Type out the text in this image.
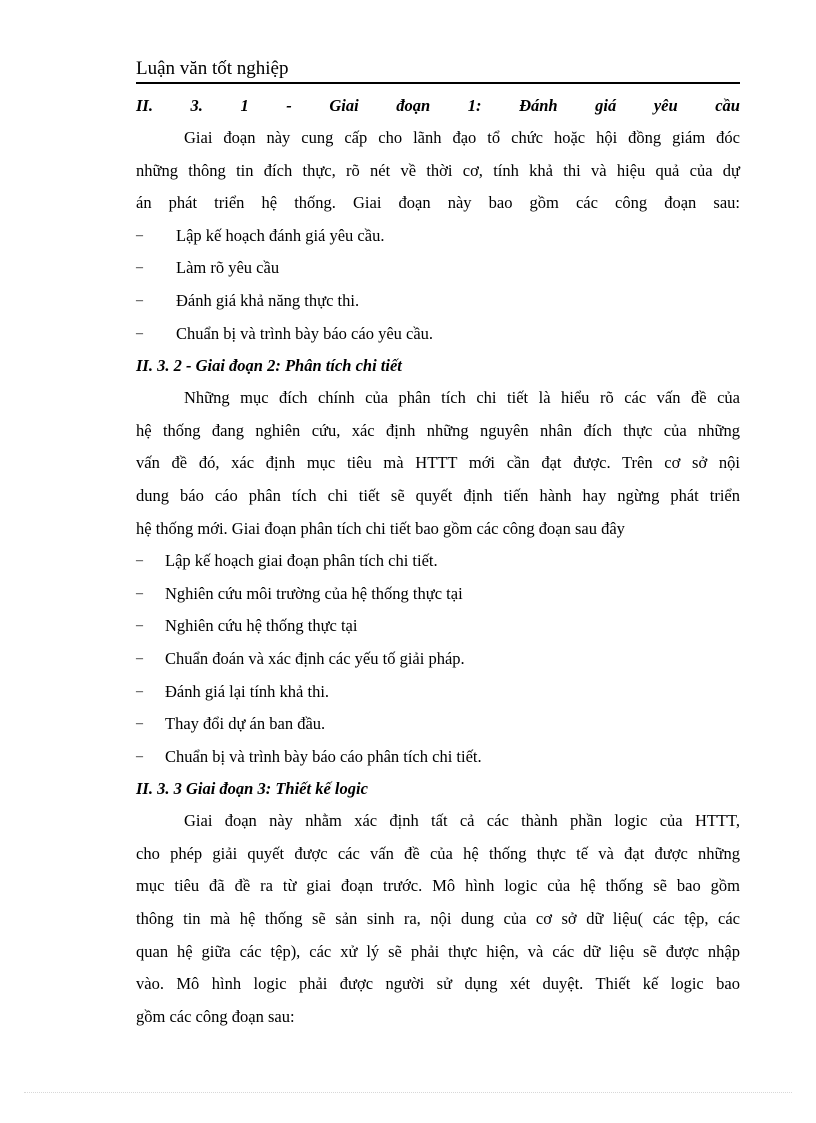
Luận văn tốt nghiệp
II. 3. 1 - Giai đoạn 1: Đánh giá yêu cầu
Giai đoạn này cung cấp cho lãnh đạo tổ chức hoặc hội đồng giám đóc
những thông tin đích thực, rõ nét về thời cơ, tính khả thi và hiệu quả của dự
án phát triển hệ thống. Giai đoạn này bao gồm các công đoạn sau:
– Lập kế hoạch đánh giá yêu cầu.
– Làm rõ yêu cầu
– Đánh giá khả năng thực thi.
– Chuẩn bị và trình bày báo cáo yêu cầu.
II. 3. 2 - Giai đoạn 2: Phân tích chi tiết
Những mục đích chính của phân tích chi tiết là hiểu rõ các vấn đề của
hệ thống đang nghiên cứu, xác định những nguyên nhân đích thực của những
vấn đề đó, xác định mục tiêu mà HTTT mới cần đạt được. Trên cơ sở nội
dung báo cáo phân tích chi tiết sẽ quyết định tiến hành hay ngừng phát triển
hệ thống mới. Giai đoạn phân tích chi tiết bao gồm các công đoạn sau đây
– Lập kế hoạch giai đoạn phân tích chi tiết.
– Nghiên cứu môi trường của hệ thống thực tại
– Nghiên cứu hệ thống thực tại
– Chuẩn đoán và xác định các yếu tố giải pháp.
– Đánh giá lại tính khả thi.
– Thay đổi dự án ban đầu.
– Chuẩn bị và trình bày báo cáo phân tích chi tiết.
II. 3. 3 Giai đoạn 3: Thiết kế logic
Giai đoạn này nhằm xác định tất cả các thành phần logic của HTTT,
cho phép giải quyết được các vấn đề của hệ thống thực tế và đạt được những
mục tiêu đã đề ra từ giai đoạn trước. Mô hình logic của hệ thống sẽ bao gồm
thông tin mà hệ thống sẽ sản sinh ra, nội dung của cơ sở dữ liệu( các tệp, các
quan hệ giữa các tệp), các xử lý sẽ phải thực hiện, và các dữ liệu sẽ được nhập
vào. Mô hình logic phải được người sử dụng xét duyệt. Thiết kế logic bao
gồm các công đoạn sau:
